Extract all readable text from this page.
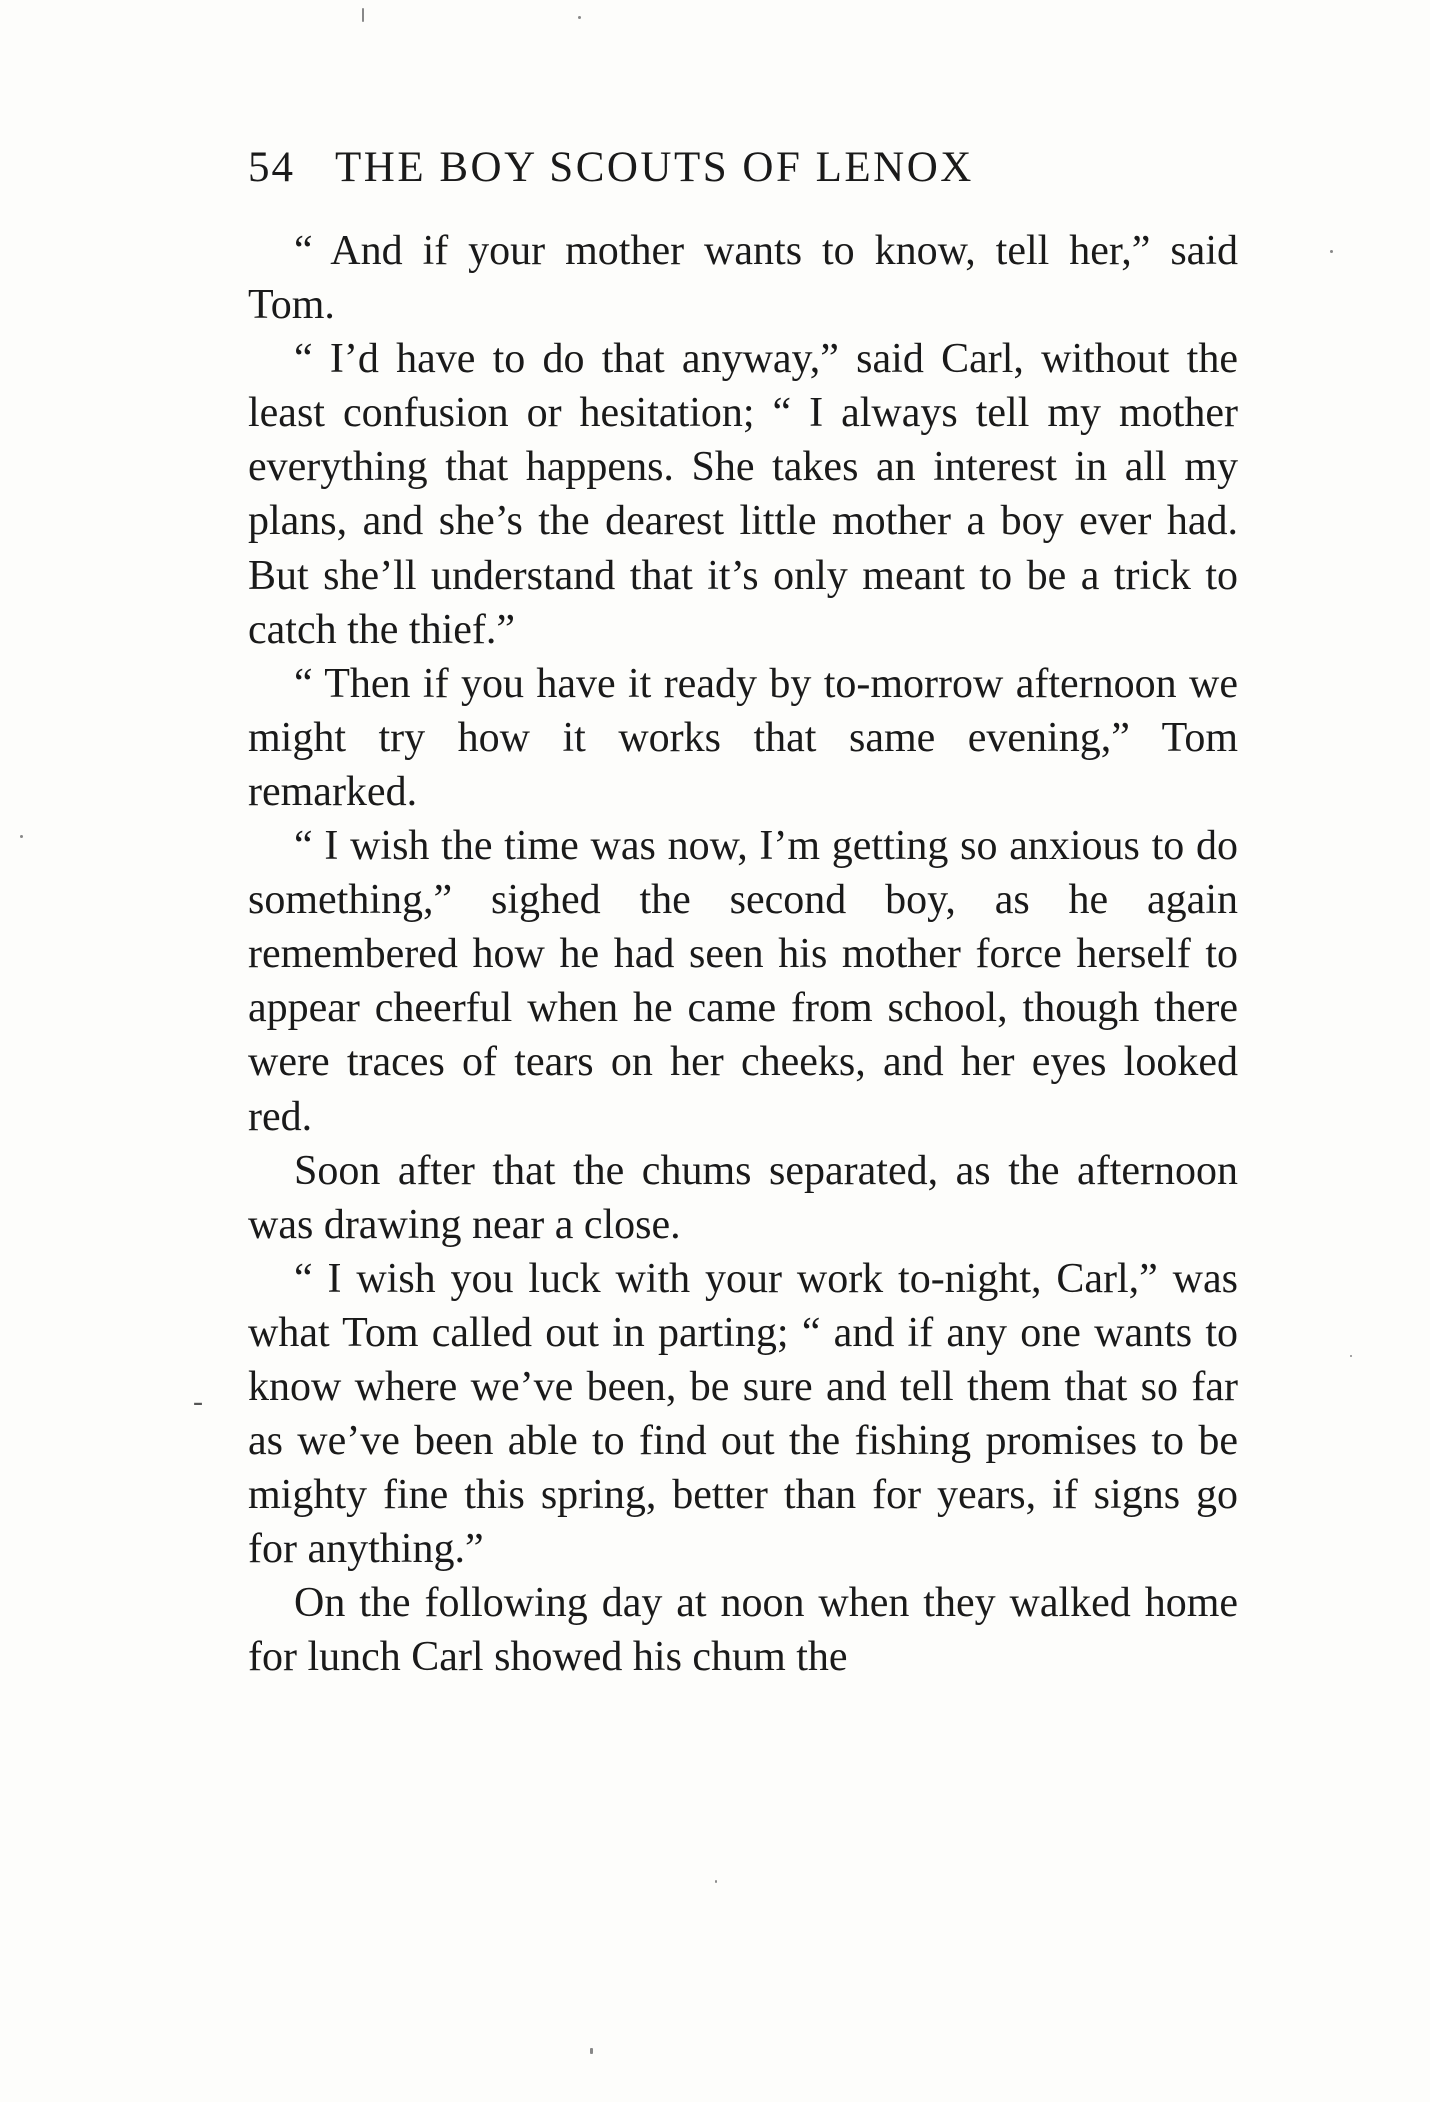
54 THE BOY SCOUTS OF LENOX

“ And if your mother wants to know, tell her,” said Tom.

“ I’d have to do that anyway,” said Carl, without the least confusion or hesitation; “ I always tell my mother everything that happens. She takes an interest in all my plans, and she’s the dearest little mother a boy ever had. But she’ll understand that it’s only meant to be a trick to catch the thief.”

“ Then if you have it ready by to-morrow afternoon we might try how it works that same evening,” Tom remarked.

“ I wish the time was now, I’m getting so anxious to do something,” sighed the second boy, as he again remembered how he had seen his mother force herself to appear cheerful when he came from school, though there were traces of tears on her cheeks, and her eyes looked red.

Soon after that the chums separated, as the afternoon was drawing near a close.

“ I wish you luck with your work to-night, Carl,” was what Tom called out in parting; “ and if any one wants to know where we’ve been, be sure and tell them that so far as we’ve been able to find out the fishing promises to be mighty fine this spring, better than for years, if signs go for anything.”

On the following day at noon when they walked home for lunch Carl showed his chum the

-
